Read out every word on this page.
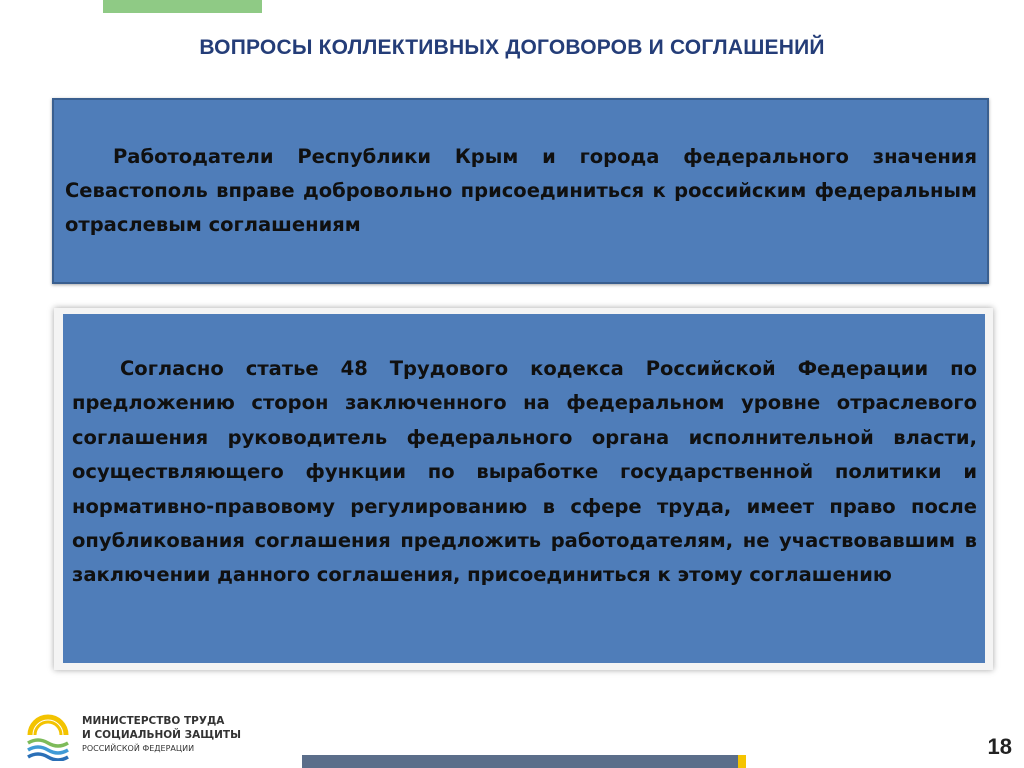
ВОПРОСЫ КОЛЛЕКТИВНЫХ ДОГОВОРОВ И СОГЛАШЕНИЙ

Работодатели Республики Крым и города федерального значения Севастополь вправе добровольно присоединиться к российским федеральным отраслевым соглашениям

Согласно статье 48 Трудового кодекса Российской Федерации по предложению сторон заключенного на федеральном уровне отраслевого соглашения руководитель федерального органа исполнительной власти, осуществляющего функции по выработке государственной политики и нормативно-правовому регулированию в сфере труда, имеет право после опубликования соглашения предложить работодателям, не участвовавшим в заключении данного соглашения, присоединиться к этому соглашению

МИНИСТЕРСТВО ТРУДА
И СОЦИАЛЬНОЙ ЗАЩИТЫ
РОССИЙСКОЙ ФЕДЕРАЦИИ	18
